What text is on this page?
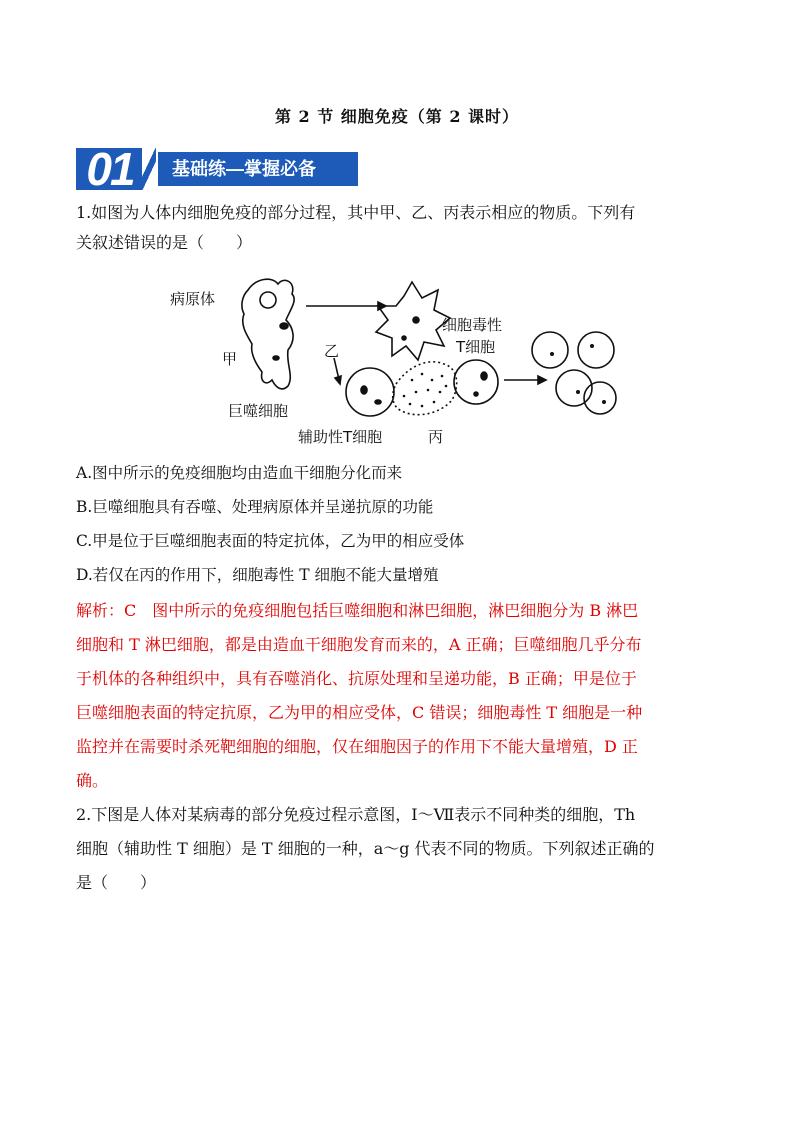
第 2 节 细胞免疫（第 2 课时）
01	基础练—掌握必备
1.如图为人体内细胞免疫的部分过程，其中甲、乙、丙表示相应的物质。下列有
关叙述错误的是（　　）
病原体
甲
巨噬细胞
乙
细胞毒性
T细胞
辅助性T细胞	丙
A.图中所示的免疫细胞均由造血干细胞分化而来
B.巨噬细胞具有吞噬、处理病原体并呈递抗原的功能
C.甲是位于巨噬细胞表面的特定抗体，乙为甲的相应受体
D.若仅在丙的作用下，细胞毒性 T 细胞不能大量增殖
解析：C　图中所示的免疫细胞包括巨噬细胞和淋巴细胞，淋巴细胞分为 B 淋巴
细胞和 T 淋巴细胞，都是由造血干细胞发育而来的，A 正确；巨噬细胞几乎分布
于机体的各种组织中，具有吞噬消化、抗原处理和呈递功能，B 正确；甲是位于
巨噬细胞表面的特定抗原，乙为甲的相应受体，C 错误；细胞毒性 T 细胞是一种
监控并在需要时杀死靶细胞的细胞，仅在细胞因子的作用下不能大量增殖，D 正
确。
2.下图是人体对某病毒的部分免疫过程示意图，Ⅰ～Ⅶ表示不同种类的细胞，Th
细胞（辅助性 T 细胞）是 T 细胞的一种，a～g 代表不同的物质。下列叙述正确的
是（　　）
